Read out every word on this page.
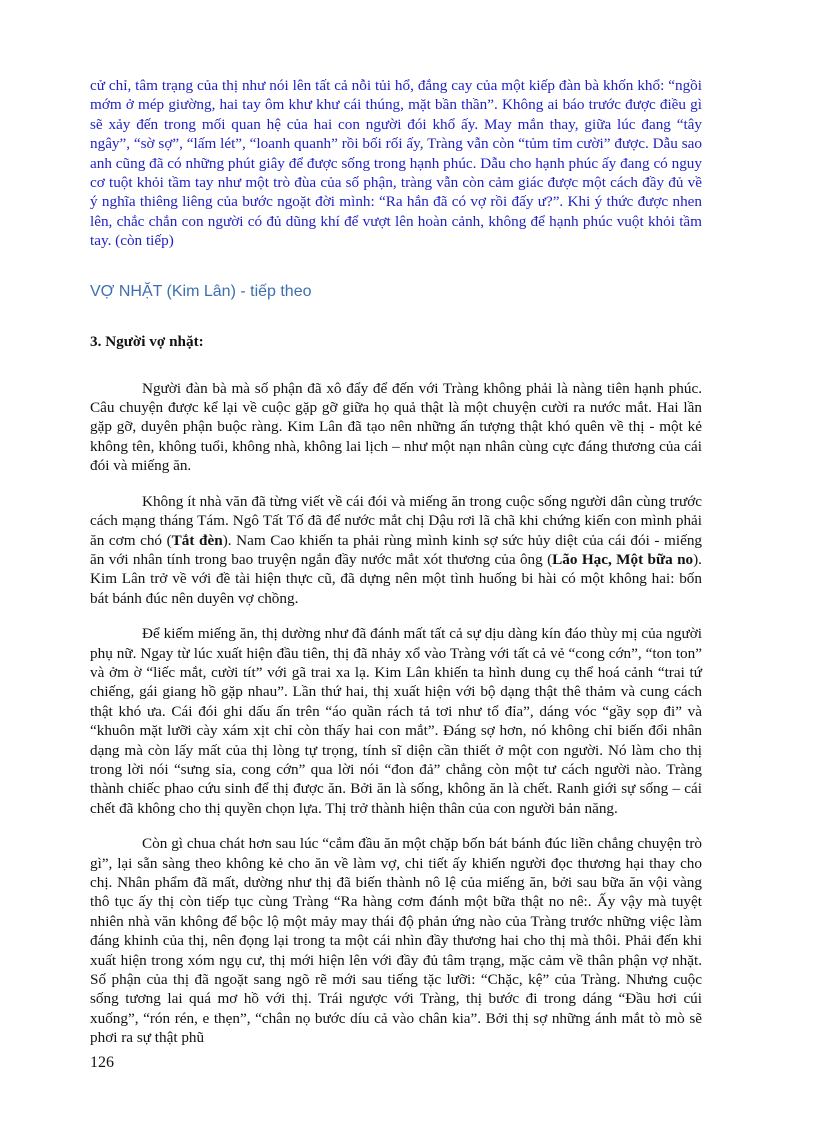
cử chỉ, tâm trạng của thị như nói lên tất cả nỗi tủi hổ, đắng cay của một kiếp đàn bà khốn khổ: “ngồi mớm ở mép giường, hai tay ôm khư khư cái thúng, mặt bần thần”. Không ai báo trước được điều gì sẽ xảy đến trong mối quan hệ của hai con người đói khổ ấy. May mắn thay, giữa lúc đang “tây ngây”, “sờ sợ”, “lấm lét”, “loanh quanh” rồi bối rối ấy, Tràng vẫn còn “tủm tỉm cười” được. Dẫu sao anh cũng đã có những phút giây để được sống trong hạnh phúc. Dẫu cho hạnh phúc ấy đang có nguy cơ tuột khỏi tầm tay như một trò đùa của số phận, tràng vẫn còn cảm giác được một cách đầy đủ về ý nghĩa thiêng liêng của bước ngoặt đời mình: “Ra hắn đã có vợ rồi đấy ư?”. Khi ý thức được nhen lên, chắc chắn con người có đủ dũng khí để vượt lên hoàn cảnh, không để hạnh phúc vuột khỏi tầm tay. (còn tiếp)

VỢ NHẶT (Kim Lân) - tiếp theo
3. Người vợ nhặt:

Người đàn bà mà số phận đã xô đẩy để đến với Tràng không phải là nàng tiên hạnh phúc. Câu chuyện được kể lại về cuộc gặp gỡ giữa họ quả thật là một chuyện cười ra nước mắt. Hai lần gặp gỡ, duyên phận buộc ràng. Kim Lân đã tạo nên những ấn tượng thật khó quên về thị - một kẻ không tên, không tuổi, không nhà, không lai lịch – như một nạn nhân cùng cực đáng thương của cái đói và miếng ăn.

Không ít nhà văn đã từng viết về cái đói và miếng ăn trong cuộc sống người dân cùng trước cách mạng tháng Tám. Ngô Tất Tố đã để nước mắt chị Dậu rơi lã chã khi chứng kiến con mình phải ăn cơm chó (Tắt đèn). Nam Cao khiến ta phải rùng mình kinh sợ sức hủy diệt của cái đói - miếng ăn với nhân tính trong bao truyện ngắn đầy nước mắt xót thương của ông (Lão Hạc, Một bữa no). Kim Lân trở về với đề tài hiện thực cũ, đã dựng nên một tình huống bi hài có một không hai: bốn bát bánh đúc nên duyên vợ chồng.

Để kiếm miếng ăn, thị dường như đã đánh mất tất cả sự dịu dàng kín đáo thùy mị của người phụ nữ. Ngay từ lúc xuất hiện đầu tiên, thị đã nhảy xổ vào Tràng với tất cả vẻ “cong cớn”, “ton ton” và ởm ờ “liếc mắt, cười tít” với gã trai xa lạ. Kim Lân khiến ta hình dung cụ thể hoá cảnh “trai tứ chiếng, gái giang hồ gặp nhau”. Lần thứ hai, thị xuất hiện với bộ dạng thật thê thảm và cung cách thật khó ưa. Cái đói ghi dấu ấn trên “áo quần rách tả tơi như tổ đỉa”, dáng vóc “gầy sọp đi” và “khuôn mặt lưỡi cày xám xịt chỉ còn thấy hai con mắt”. Đáng sợ hơn, nó không chỉ biến đổi nhân dạng mà còn lấy mất của thị lòng tự trọng, tính sĩ diện cần thiết ở một con người. Nó làm cho thị trong lời nói “sưng sỉa, cong cớn” qua lời nói “đon đả” chẳng còn một tư cách người nào. Tràng thành chiếc phao cứu sinh để thị được ăn. Bởi ăn là sống, không ăn là chết. Ranh giới sự sống – cái chết đã không cho thị quyền chọn lựa. Thị trở thành hiện thân của con người bản năng.

Còn gì chua chát hơn sau lúc “cắm đầu ăn một chặp bốn bát bánh đúc liền chẳng chuyện trò gì”, lại sẵn sàng theo không kẻ cho ăn về làm vợ, chi tiết ấy khiến người đọc thương hại thay cho chị. Nhân phẩm đã mất, dường như thị đã biến thành nô lệ của miếng ăn, bởi sau bữa ăn vội vàng thô tục ấy thị còn tiếp tục cùng Tràng “Ra hàng cơm đánh một bữa thật no nê:. Ấy vậy mà tuyệt nhiên nhà văn không để bộc lộ một mảy may thái độ phản ứng nào của Tràng trước những việc làm đáng khinh của thị, nên đọng lại trong ta một cái nhìn đầy thương hai cho thị mà thôi. Phải đến khi xuất hiện trong xóm ngụ cư, thị mới hiện lên với đầy đủ tâm trạng, mặc cảm về thân phận vợ nhặt. Số phận của thị đã ngoặt sang ngõ rẽ mới sau tiếng tặc lưỡi: “Chặc, kệ” của Tràng. Nhưng cuộc sống tương lai quá mơ hồ với thị. Trái ngược với Tràng, thị bước đi trong dáng “Đầu hơi cúi xuống”, “rón rén, e thẹn”, “chân nọ bước díu cả vào chân kia”. Bởi thị sợ những ánh mắt tò mò sẽ phơi ra sự thật phũ

126
